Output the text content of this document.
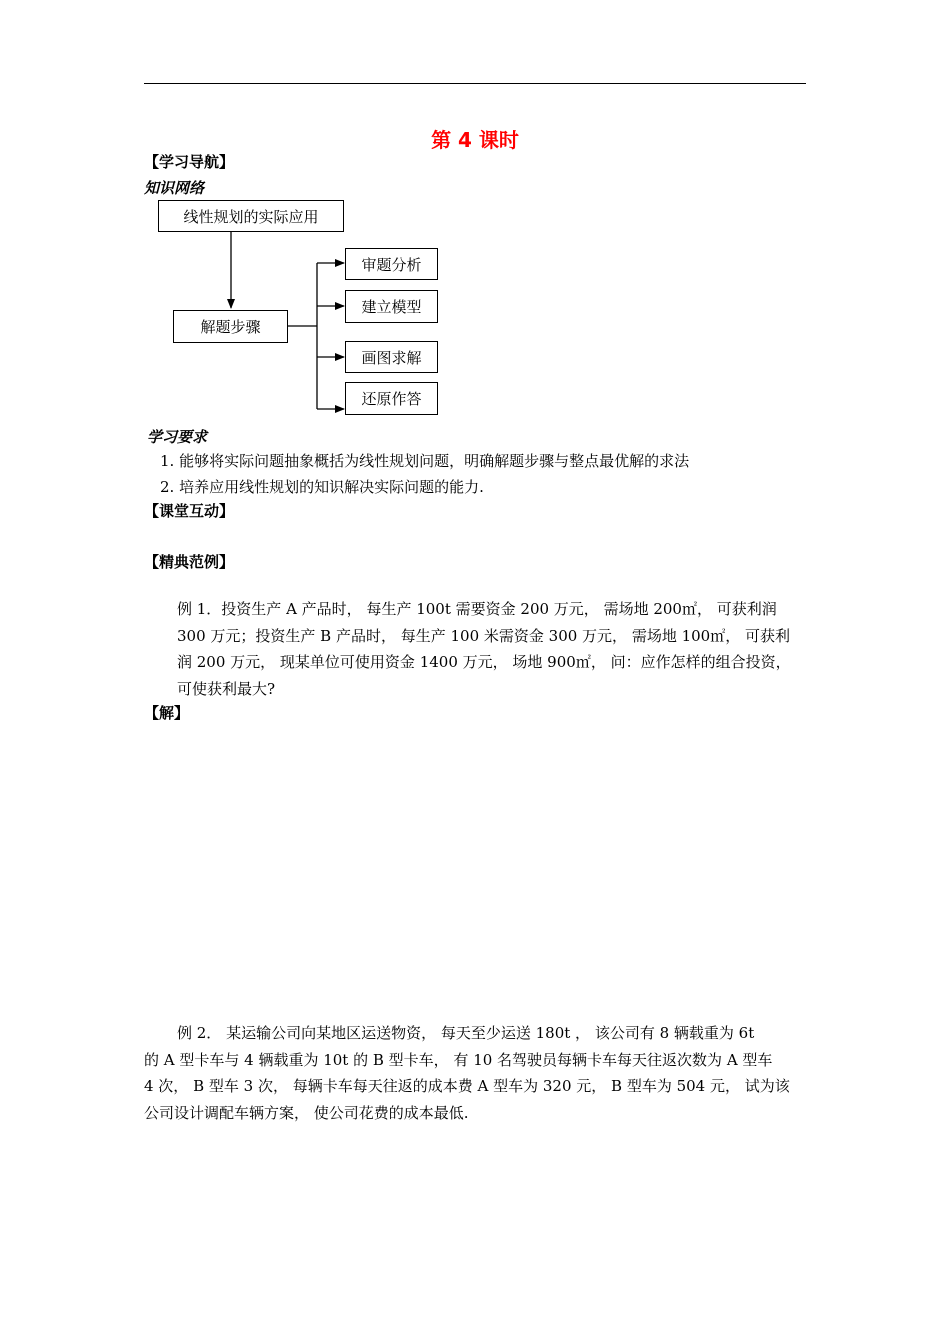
第 4 课时
【学习导航】
知识网络
线性规划的实际应用
解题步骤
审题分析
建立模型
画图求解
还原作答
学习要求
1. 能够将实际问题抽象概括为线性规划问题，明确解题步骤与整点最优解的求法
2. 培养应用线性规划的知识解决实际问题的能力.
【课堂互动】
【精典范例】
例 1．投资生产 A 产品时， 每生产 100t 需要资金 200 万元， 需场地 200㎡， 可获利润
300 万元；投资生产 B 产品时， 每生产 100 米需资金 300 万元， 需场地 100㎡， 可获利
润 200 万元， 现某单位可使用资金 1400 万元， 场地 900㎡， 问：应作怎样的组合投资，
可使获利最大?
【解】
例 2． 某运输公司向某地区运送物资， 每天至少运送 180t ， 该公司有 8 辆载重为 6t
的 A 型卡车与 4 辆载重为 10t 的 B 型卡车， 有 10 名驾驶员每辆卡车每天往返次数为 A 型车
4 次， B 型车 3 次， 每辆卡车每天往返的成本费 A 型车为 320 元， B 型车为 504 元， 试为该
公司设计调配车辆方案， 使公司花费的成本最低.
